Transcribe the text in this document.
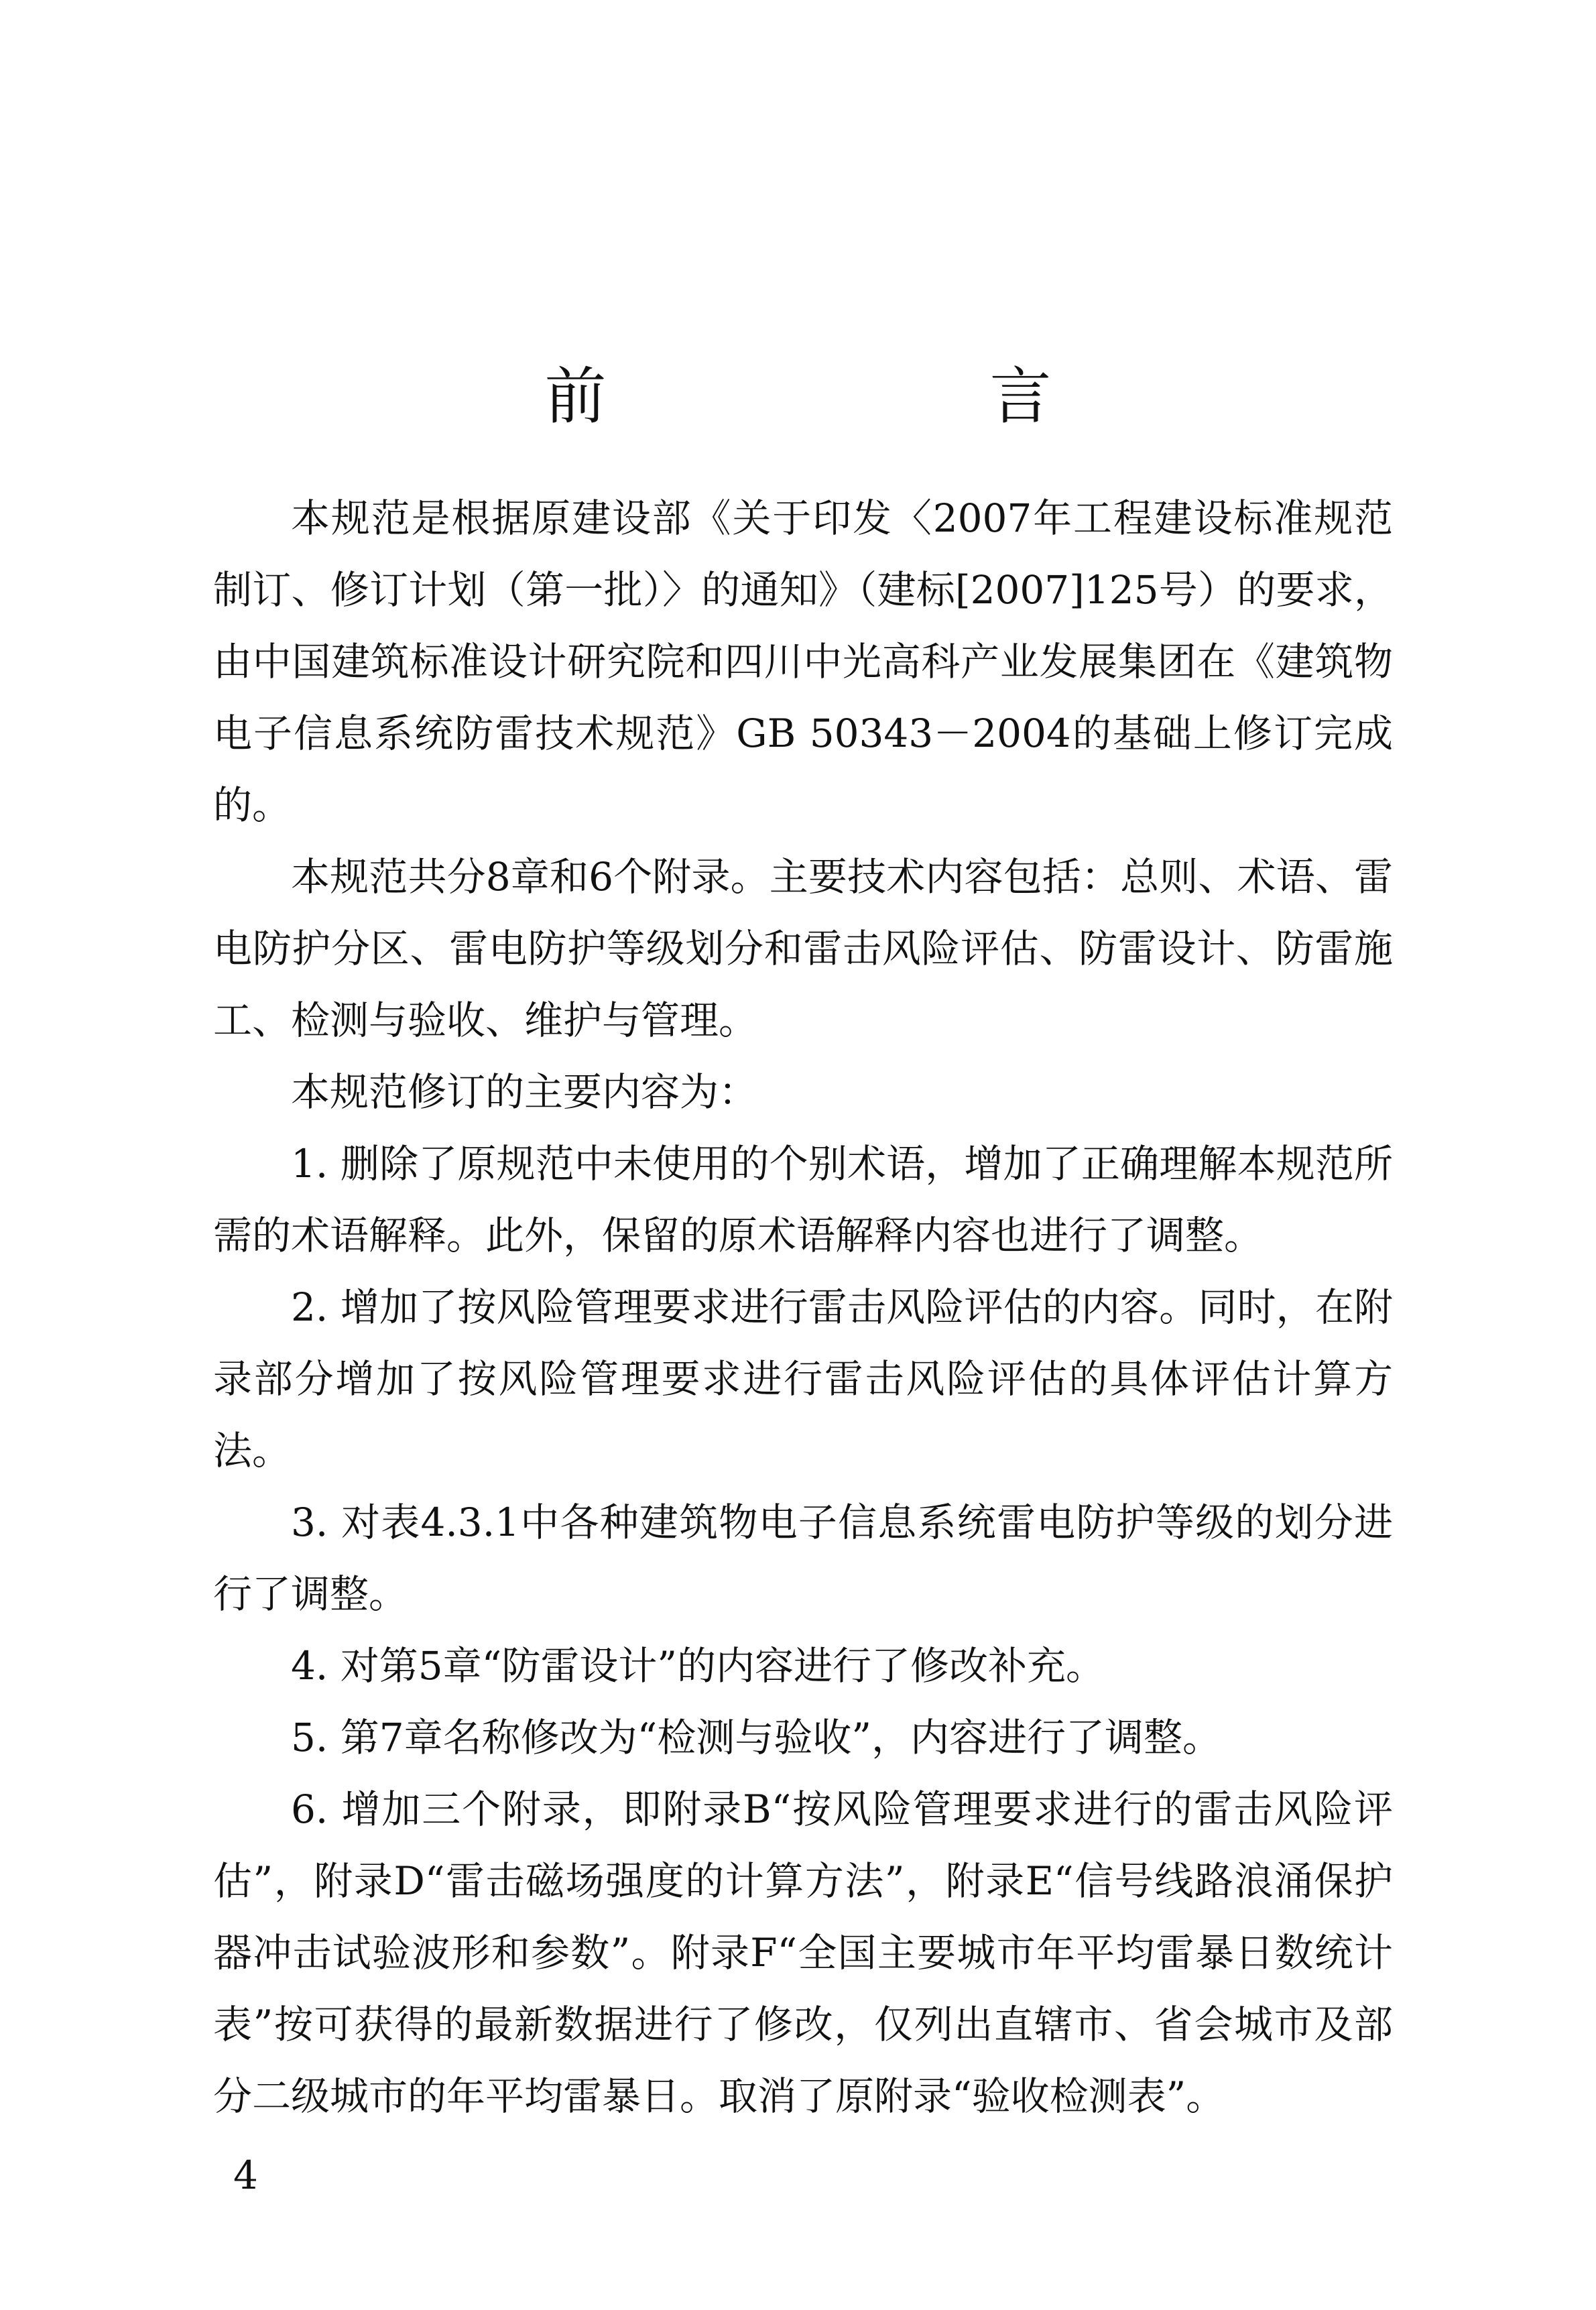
前　言

本规范是根据原建设部《关于印发〈2007年工程建设标准规范制订、修订计划（第一批）〉的通知》（建标[2007]125号）的要求，由中国建筑标准设计研究院和四川中光高科产业发展集团在《建筑物电子信息系统防雷技术规范》GB 50343－2004的基础上修订完成的。

本规范共分8章和6个附录。主要技术内容包括：总则、术语、雷电防护分区、雷电防护等级划分和雷击风险评估、防雷设计、防雷施工、检测与验收、维护与管理。

本规范修订的主要内容为：

1. 删除了原规范中未使用的个别术语，增加了正确理解本规范所需的术语解释。此外，保留的原术语解释内容也进行了调整。

2. 增加了按风险管理要求进行雷击风险评估的内容。同时，在附录部分增加了按风险管理要求进行雷击风险评估的具体评估计算方法。

3. 对表4.3.1中各种建筑物电子信息系统雷电防护等级的划分进行了调整。

4. 对第5章“防雷设计”的内容进行了修改补充。

5. 第7章名称修改为“检测与验收”，内容进行了调整。

6. 增加三个附录，即附录B“按风险管理要求进行的雷击风险评估”，附录D“雷击磁场强度的计算方法”，附录E“信号线路浪涌保护器冲击试验波形和参数”。附录F“全国主要城市年平均雷暴日数统计表”按可获得的最新数据进行了修改，仅列出直辖市、省会城市及部分二级城市的年平均雷暴日。取消了原附录“验收检测表”。

4
